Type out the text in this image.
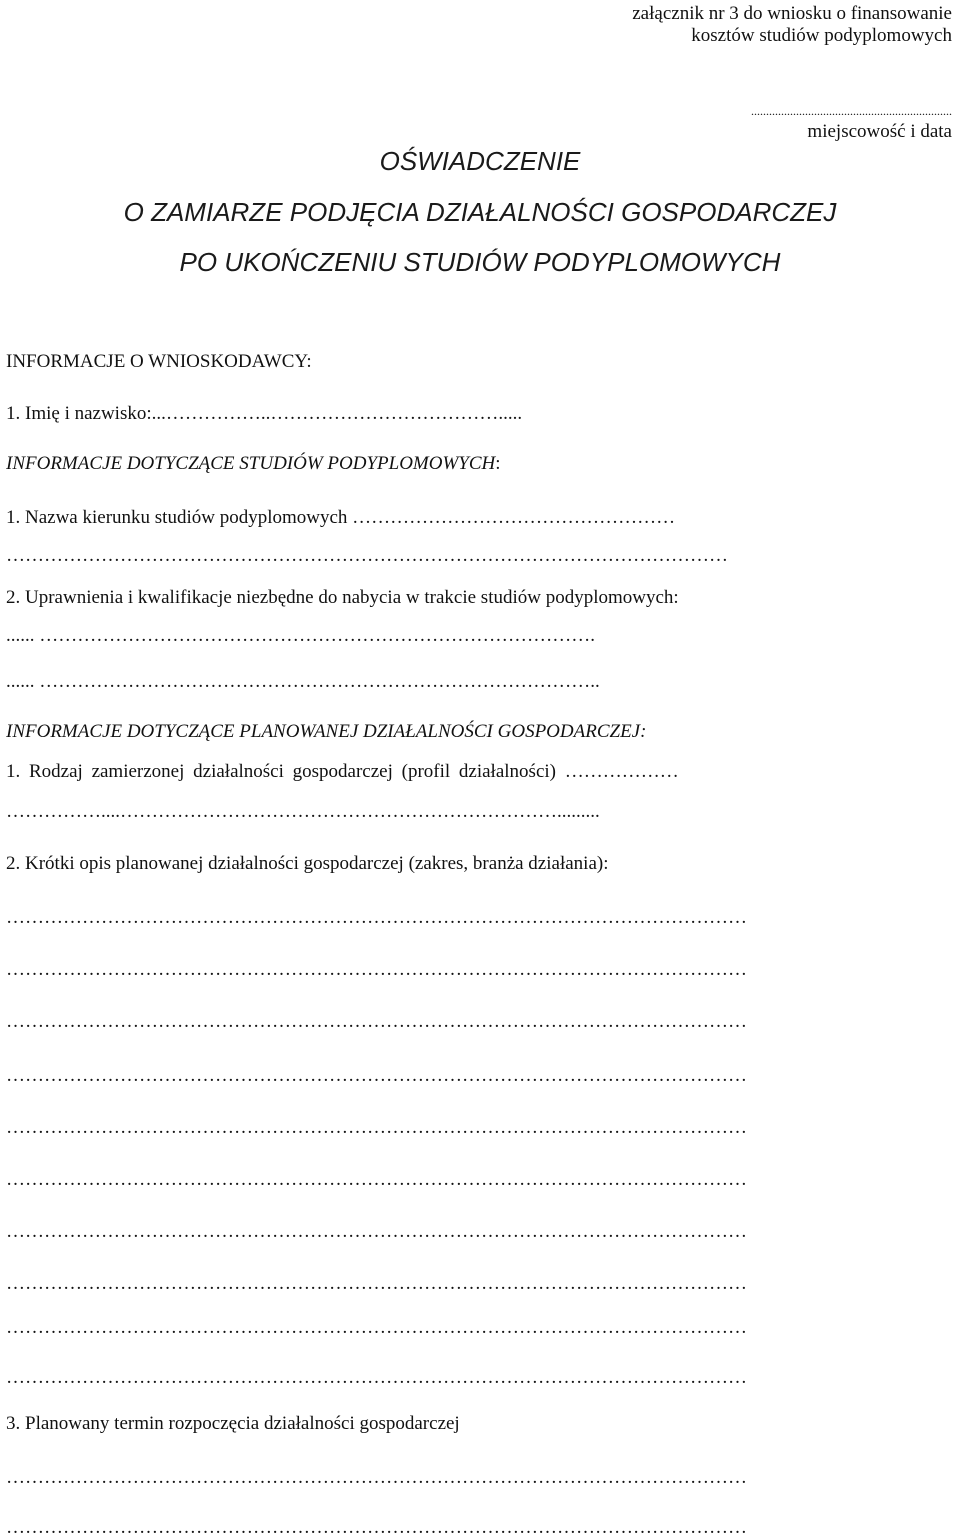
załącznik nr 3 do wniosku o finansowanie
kosztów studiów podyplomowych
...................................................................
miejscowość i data
OŚWIADCZENIE
O ZAMIARZE PODJĘCIA DZIAŁALNOŚCI GOSPODARCZEJ
PO UKOŃCZENIU STUDIÓW PODYPLOMOWYCH
INFORMACJE O WNIOSKODAWCY:
1. Imię i nazwisko:...……………..……………………………….....
INFORMACJE DOTYCZĄCE STUDIÓW PODYPLOMOWYCH:
1. Nazwa kierunku studiów podyplomowych ……………………………………………
……………………………………………………………………………………………………
2. Uprawnienia i kwalifikacje niezbędne do nabycia w trakcie studiów podyplomowych:
...... …………………………………………………………………………….
...... ……………………………………………………………………………..
INFORMACJE DOTYCZĄCE PLANOWANEJ DZIAŁALNOŚCI GOSPODARCZEJ:
1. Rodzaj zamierzonej działalności gospodarczej (profil działalności) ………………
……………....…………………………………………………………….........
2. Krótki opis planowanej działalności gospodarczej (zakres, branża działania):
………………………………………………………………………………………………………
………………………………………………………………………………………………………
………………………………………………………………………………………………………
………………………………………………………………………………………………………
………………………………………………………………………………………………………
………………………………………………………………………………………………………
………………………………………………………………………………………………………
………………………………………………………………………………………………………
………………………………………………………………………………………………………
………………………………………………………………………………………………………
3. Planowany termin rozpoczęcia działalności gospodarczej
………………………………………………………………………………………………………
………………………………………………………………………………………………………
